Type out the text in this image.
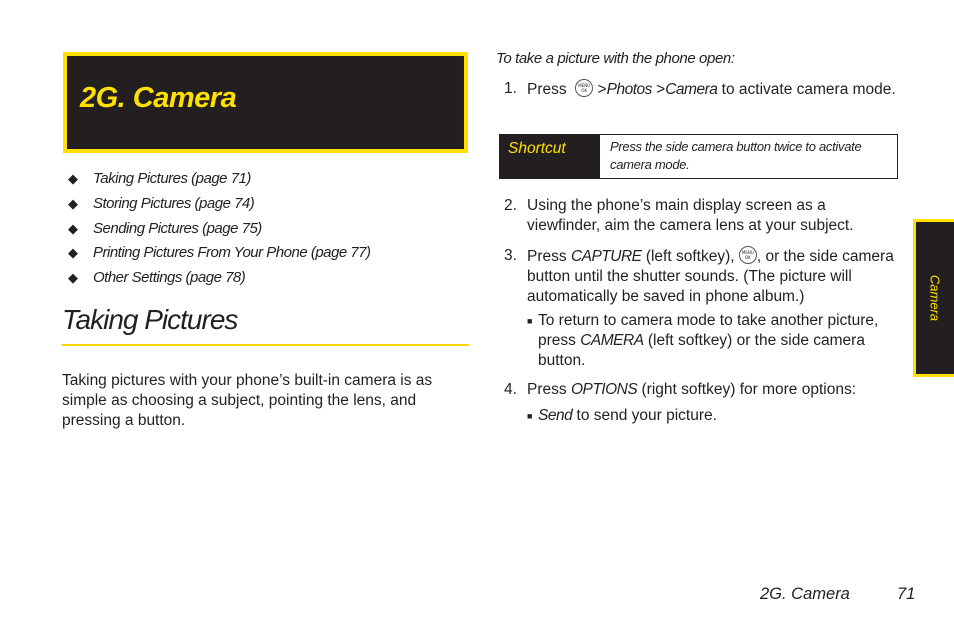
2G. Camera
◆ Taking Pictures (page 71)
◆ Storing Pictures (page 74)
◆ Sending Pictures (page 75)
◆ Printing Pictures From Your Phone (page 77)
◆ Other Settings (page 78)
Taking Pictures

Taking pictures with your phone’s built-in camera is as simple as choosing a subject, pointing the lens, and pressing a button.

To take a picture with the phone open:
1. Press  MENU OK >Photos >Camera to activate camera mode.
Shortcut	Press the side camera button twice to activate camera mode.
2. Using the phone’s main display screen as a viewfinder, aim the camera lens at your subject.
3. Press CAPTURE (left softkey), MENU OK, or the side camera button until the shutter sounds. (The picture will automatically be saved in phone album.)
■ To return to camera mode to take another picture, press CAMERA (left softkey) or the side camera button.
4. Press OPTIONS (right softkey) for more options:
■ Send to send your picture.
Camera
2G. Camera	71
